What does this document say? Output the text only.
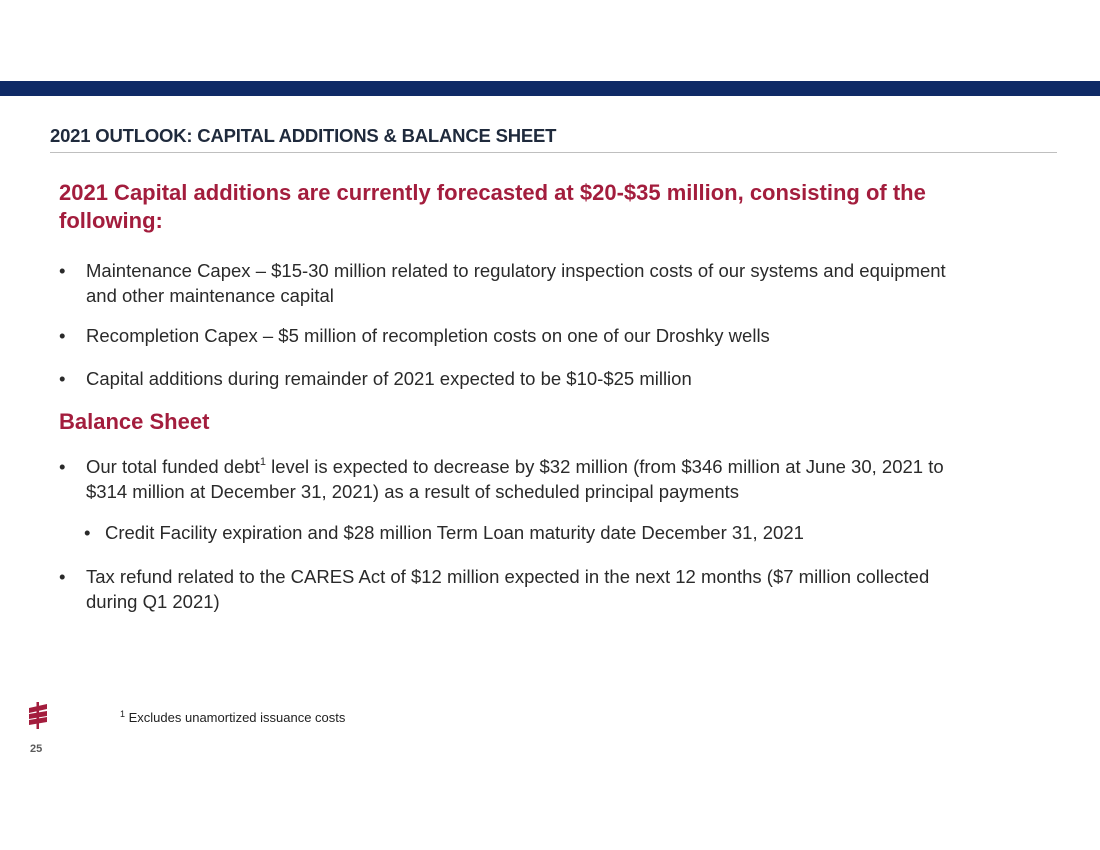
2021 OUTLOOK: CAPITAL ADDITIONS & BALANCE SHEET
2021 Capital additions are currently forecasted at $20-$35 million, consisting of the following:
•	Maintenance Capex – $15-30 million related to regulatory inspection costs of our systems and equipment and other maintenance capital
•	Recompletion Capex – $5 million of recompletion costs on one of our Droshky wells
•	Capital additions during remainder of 2021 expected to be $10-$25 million
Balance Sheet
•	Our total funded debt$^1$ level is expected to decrease by $32 million (from $346 million at June 30, 2021 to $314 million at December 31, 2021) as a result of scheduled principal payments
• Credit Facility expiration and $28 million Term Loan maturity date December 31, 2021
•	Tax refund related to the CARES Act of $12 million expected in the next 12 months ($7 million collected during Q1 2021)
$^1$ Excludes unamortized issuance costs
25
